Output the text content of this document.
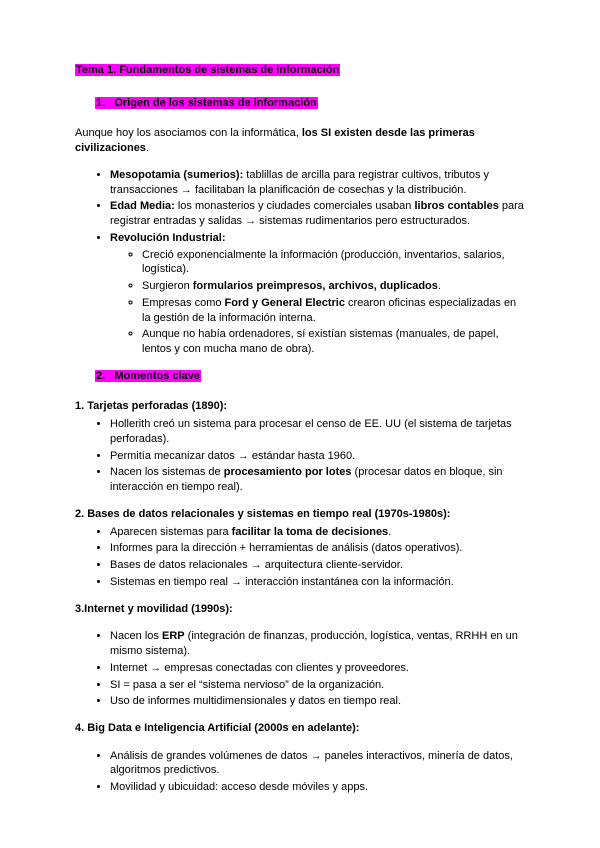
Tema 1. Fundamentos de sistemas de información

1.   Origen de los sistemas de información

Aunque hoy los asociamos con la informática, los SI existen desde las primeras civilizaciones.

• Mesopotamia (sumerios): tablillas de arcilla para registrar cultivos, tributos y transacciones → facilitaban la planificación de cosechas y la distribución.
• Edad Media: los monasterios y ciudades comerciales usaban libros contables para registrar entradas y salidas → sistemas rudimentarios pero estructurados.
• Revolución Industrial:
◦ Creció exponencialmente la información (producción, inventarios, salarios, logística).
◦ Surgieron formularios preimpresos, archivos, duplicados.
◦ Empresas como Ford y General Electric crearon oficinas especializadas en la gestión de la información interna.
◦ Aunque no había ordenadores, sí existían sistemas (manuales, de papel, lentos y con mucha mano de obra).

2.   Momentos clave

1. Tarjetas perforadas (1890):

• Hollerith creó un sistema para procesar el censo de EE. UU (el sistema de tarjetas perforadas).
• Permitía mecanizar datos → estándar hasta 1960.
• Nacen los sistemas de procesamiento por lotes (procesar datos en bloque, sin interacción en tiempo real).

2. Bases de datos relacionales y sistemas en tiempo real (1970s-1980s):

• Aparecen sistemas para facilitar la toma de decisiones.
• Informes para la dirección + herramientas de análisis (datos operativos).
• Bases de datos relacionales → arquitectura cliente-servidor.
• Sistemas en tiempo real → interacción instantánea con la información.

3.Internet y movilidad (1990s):

• Nacen los ERP (integración de finanzas, producción, logística, ventas, RRHH en un mismo sistema).
• Internet → empresas conectadas con clientes y proveedores.
• SI = pasa a ser el “sistema nervioso” de la organización.
• Uso de informes multidimensionales y datos en tiempo real.

4. Big Data e Inteligencia Artificial (2000s en adelante):

• Análisis de grandes volúmenes de datos → paneles interactivos, minería de datos, algoritmos predictivos.
• Movilidad y ubicuidad: acceso desde móviles y apps.
